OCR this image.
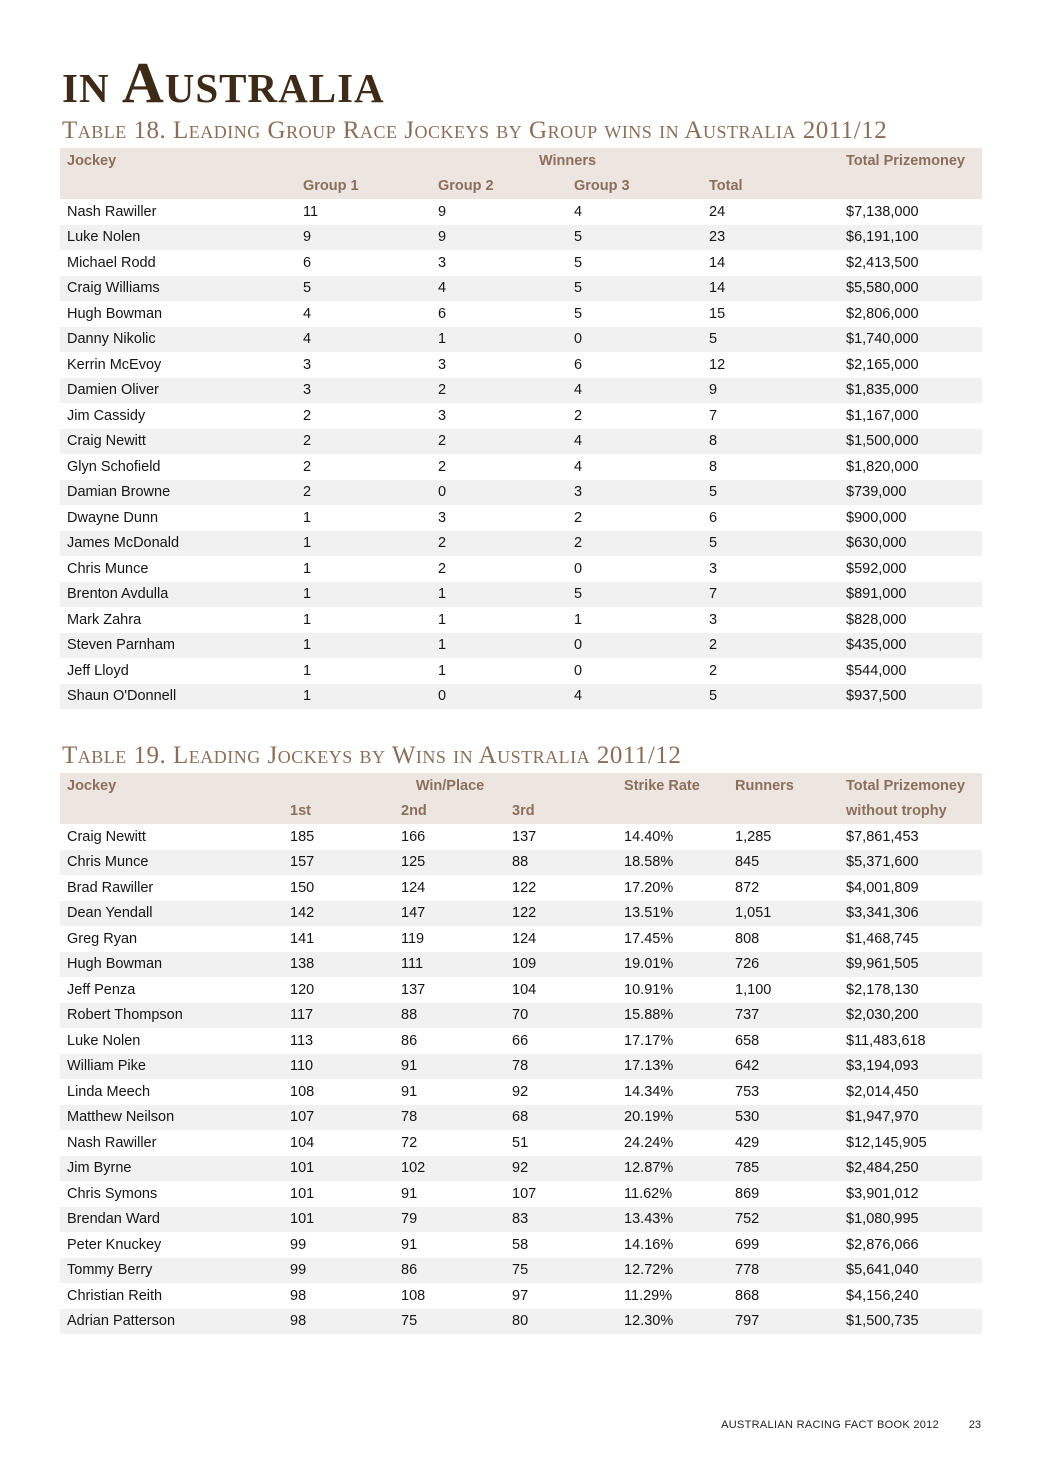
in Australia
Table 18. Leading Group Race Jockeys by Group wins in Australia 2011/12
Jockey	Winners				Total Prizemoney
	Group 1	Group 2	Group 3	Total	
Nash Rawiller	11	9	4	24	$7,138,000
Luke Nolen	9	9	5	23	$6,191,100
Michael Rodd	6	3	5	14	$2,413,500
Craig Williams	5	4	5	14	$5,580,000
Hugh Bowman	4	6	5	15	$2,806,000
Danny Nikolic	4	1	0	5	$1,740,000
Kerrin McEvoy	3	3	6	12	$2,165,000
Damien Oliver	3	2	4	9	$1,835,000
Jim Cassidy	2	3	2	7	$1,167,000
Craig Newitt	2	2	4	8	$1,500,000
Glyn Schofield	2	2	4	8	$1,820,000
Damian Browne	2	0	3	5	$739,000
Dwayne Dunn	1	3	2	6	$900,000
James McDonald	1	2	2	5	$630,000
Chris Munce	1	2	0	3	$592,000
Brenton Avdulla	1	1	5	7	$891,000
Mark Zahra	1	1	1	3	$828,000
Steven Parnham	1	1	0	2	$435,000
Jeff Lloyd	1	1	0	2	$544,000
Shaun O'Donnell	1	0	4	5	$937,500
Table 19. Leading Jockeys by Wins in Australia 2011/12
Jockey	Win/Place			Strike Rate	Runners	Total Prizemoney
	1st	2nd	3rd			without trophy
Craig Newitt	185	166	137	14.40%	1,285	$7,861,453
Chris Munce	157	125	88	18.58%	845	$5,371,600
Brad Rawiller	150	124	122	17.20%	872	$4,001,809
Dean Yendall	142	147	122	13.51%	1,051	$3,341,306
Greg Ryan	141	119	124	17.45%	808	$1,468,745
Hugh Bowman	138	111	109	19.01%	726	$9,961,505
Jeff Penza	120	137	104	10.91%	1,100	$2,178,130
Robert Thompson	117	88	70	15.88%	737	$2,030,200
Luke Nolen	113	86	66	17.17%	658	$11,483,618
William Pike	110	91	78	17.13%	642	$3,194,093
Linda Meech	108	91	92	14.34%	753	$2,014,450
Matthew Neilson	107	78	68	20.19%	530	$1,947,970
Nash Rawiller	104	72	51	24.24%	429	$12,145,905
Jim Byrne	101	102	92	12.87%	785	$2,484,250
Chris Symons	101	91	107	11.62%	869	$3,901,012
Brendan Ward	101	79	83	13.43%	752	$1,080,995
Peter Knuckey	99	91	58	14.16%	699	$2,876,066
Tommy Berry	99	86	75	12.72%	778	$5,641,040
Christian Reith	98	108	97	11.29%	868	$4,156,240
Adrian Patterson	98	75	80	12.30%	797	$1,500,735
AUSTRALIAN RACING FACT BOOK 2012	23
